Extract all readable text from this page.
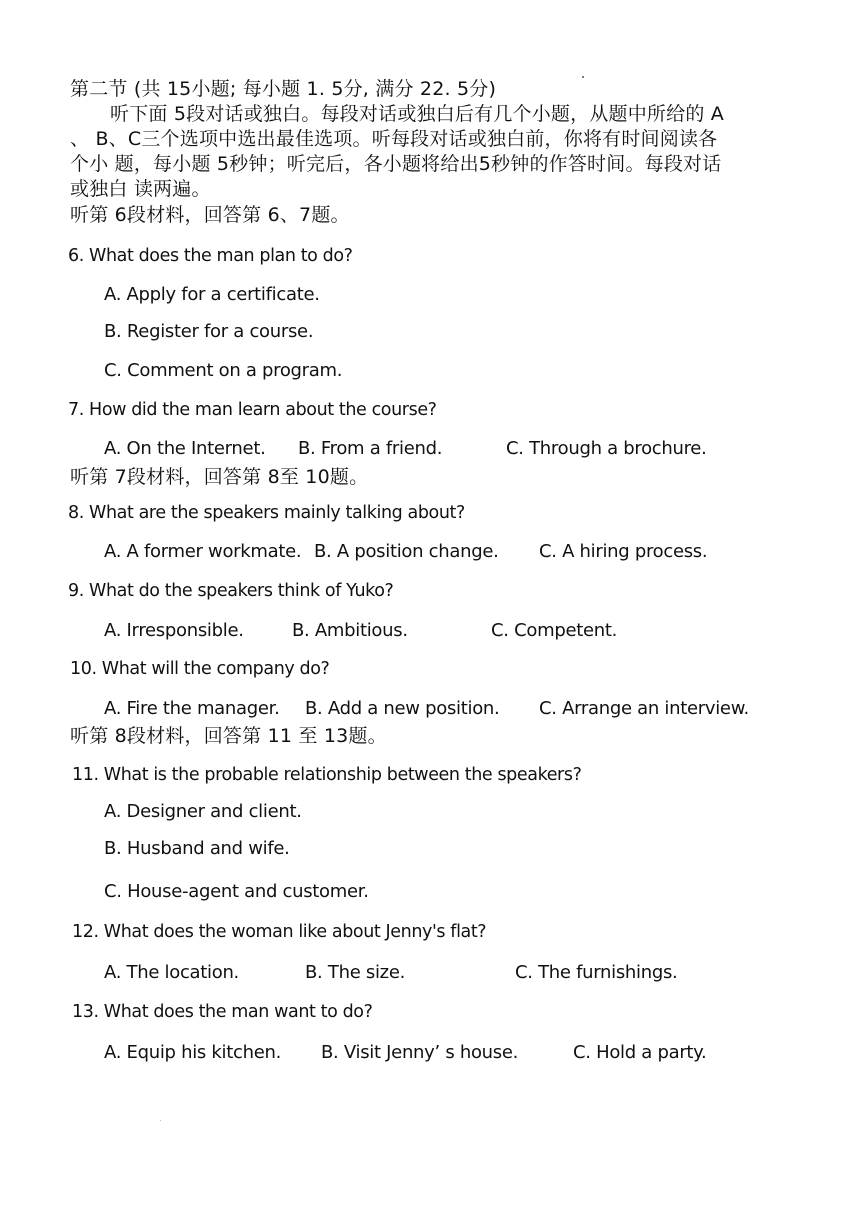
第二节 (共 15小题; 每小题 1. 5分, 满分 22. 5分)
听下面 5段对话或独白。每段对话或独白后有几个小题，从题中所给的 A
、 B、C三个选项中选出最佳选项。听每段对话或独白前，你将有时间阅读各
个小 题，每小题 5秒钟；听完后，各小题将给出5秒钟的作答时间。每段对话
或独白 读两遍。
听第 6段材料，回答第 6、7题。
6. What does the man plan to do?
A. Apply for a certificate.
B. Register for a course.
C. Comment on a program.
7. How did the man learn about the course?
A. On the Internet. B. From a friend.	C. Through a brochure.
听第 7段材料，回答第 8至 10题。
8. What are the speakers mainly talking about?
A. A former workmate. B. A position change. C. A hiring process.
9. What do the speakers think of Yuko?
A. Irresponsible.	B. Ambitious.	C. Competent.
10. What will the company do?
A. Fire the manager. B. Add a new position. C. Arrange an interview.
听第 8段材料，回答第 11 至 13题。
11. What is the probable relationship between the speakers?
A. Designer and client.
B. Husband and wife.
C. House-agent and customer.
12. What does the woman like about Jenny's flat?
A. The location.	B. The size.	C. The furnishings.
13. What does the man want to do?
A. Equip his kitchen. B. Visit Jenny’ s house.	C. Hold a party.
